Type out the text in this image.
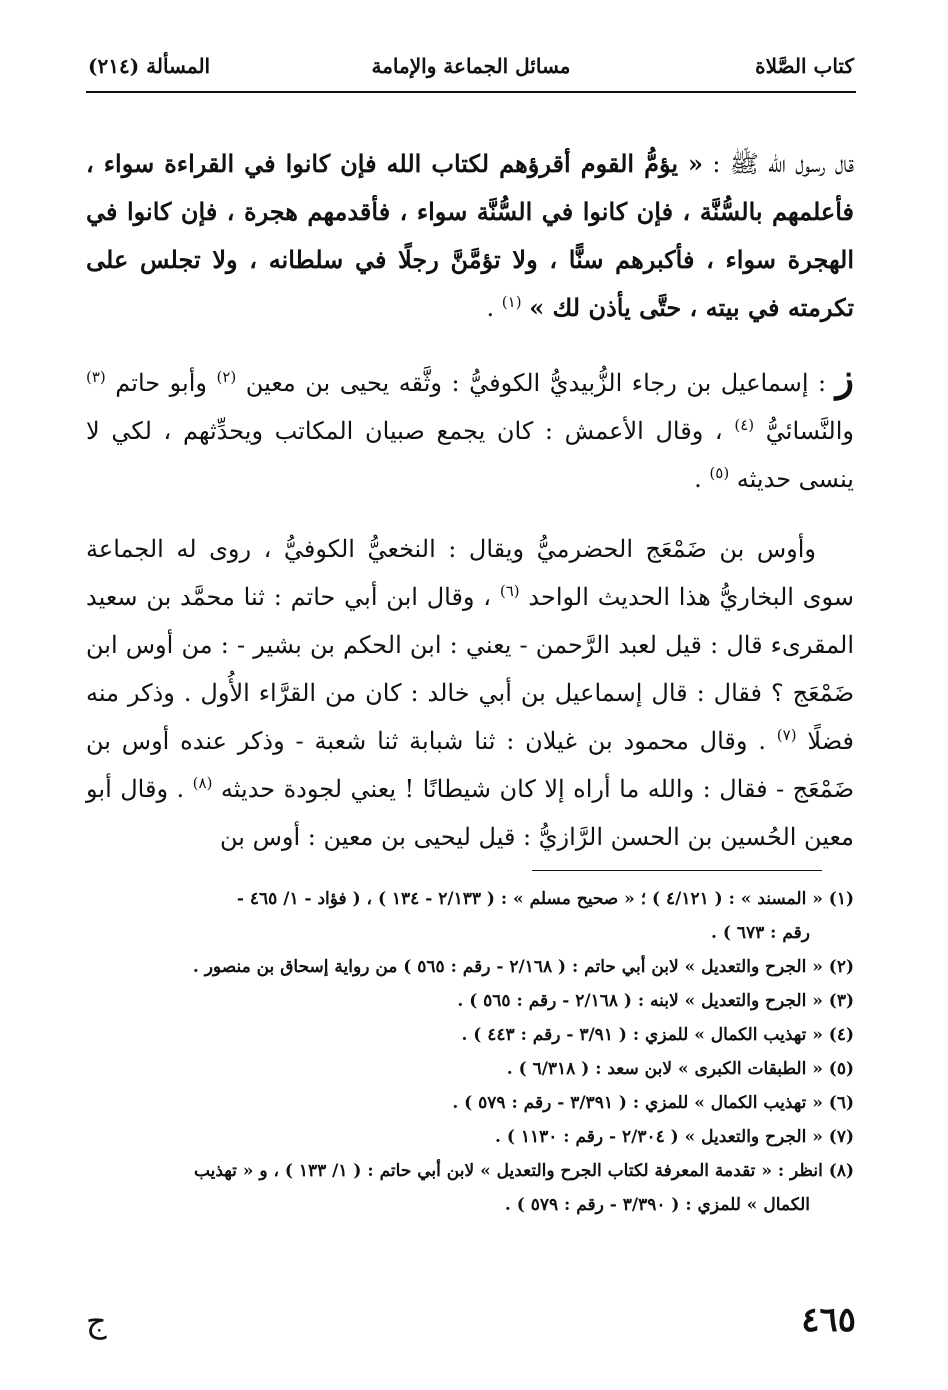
كتاب الصَّلاة
مسائل الجماعة والإمامة
المسألة (٢١٤)

قال رسول الله ﷺ : « يؤمُّ القوم أقرؤهم لكتاب الله فإن كانوا في القراءة سواء ، فأعلمهم بالسُّنَّة ، فإن كانوا في السُّنَّة سواء ، فأقدمهم هجرة ، فإن كانوا في الهجرة سواء ، فأكبرهم سنًّا ، ولا تؤمَّنَّ رجلًا في سلطانه ، ولا تجلس على تكرمته في بيته ، حتَّى يأذن لك » $^{(١)}$ .

ز : إسماعيل بن رجاء الزُّبيديُّ الكوفيُّ : وثَّقه يحيى بن معين $^{(٢)}$ وأبو حاتم $^{(٣)}$ والنَّسائيُّ $^{(٤)}$ ، وقال الأعمش : كان يجمع صبيان المكاتب ويحدِّثهم ، لكي لا ينسى حديثه $^{(٥)}$ .

وأوس بن ضَمْعَج الحضرميُّ ويقال : النخعيُّ الكوفيُّ ، روى له الجماعة سوى البخاريُّ هذا الحديث الواحد $^{(٦)}$ ، وقال ابن أبي حاتم : ثنا محمَّد بن سعيد المقرىء قال : قيل لعبد الرَّحمن - يعني : ابن الحكم بن بشير - : من أوس ابن ضَمْعَج ؟ فقال : قال إسماعيل بن أبي خالد : كان من القرَّاء الأُول . وذكر منه فضلًا $^{(٧)}$ . وقال محمود بن غيلان : ثنا شبابة ثنا شعبة - وذكر عنده أوس بن ضَمْعَج - فقال : والله ما أراه إلا كان شيطانًا ! يعني لجودة حديثه $^{(٨)}$ . وقال أبو معين الحُسين بن الحسن الرَّازيُّ : قيل ليحيى بن معين : أوس بن

(١) « المسند » : ( ٤/١٢١ ) ؛ « صحيح مسلم » : ( ٢/١٣٣ - ١٣٤ ) ، ( فؤاد - ١/ ٤٦٥ -
رقم : ٦٧٣ ) .

(٢) « الجرح والتعديل » لابن أبي حاتم : ( ٢/١٦٨ - رقم : ٥٦٥ ) من رواية إسحاق بن منصور .

(٣) « الجرح والتعديل » لابنه : ( ٢/١٦٨ - رقم : ٥٦٥ ) .

(٤) « تهذيب الكمال » للمزي : ( ٣/٩١ - رقم : ٤٤٣ ) .

(٥) « الطبقات الكبرى » لابن سعد : ( ٦/٣١٨ ) .

(٦) « تهذيب الكمال » للمزي : ( ٣/٣٩١ - رقم : ٥٧٩ ) .

(٧) « الجرح والتعديل » ( ٢/٣٠٤ - رقم : ١١٣٠ ) .

(٨) انظر : « تقدمة المعرفة لكتاب الجرح والتعديل » لابن أبي حاتم : ( ١/ ١٣٣ ) ، و « تهذيب
الكمال » للمزي : ( ٣/٣٩٠ - رقم : ٥٧٩ ) .

٤٦٥
ج
